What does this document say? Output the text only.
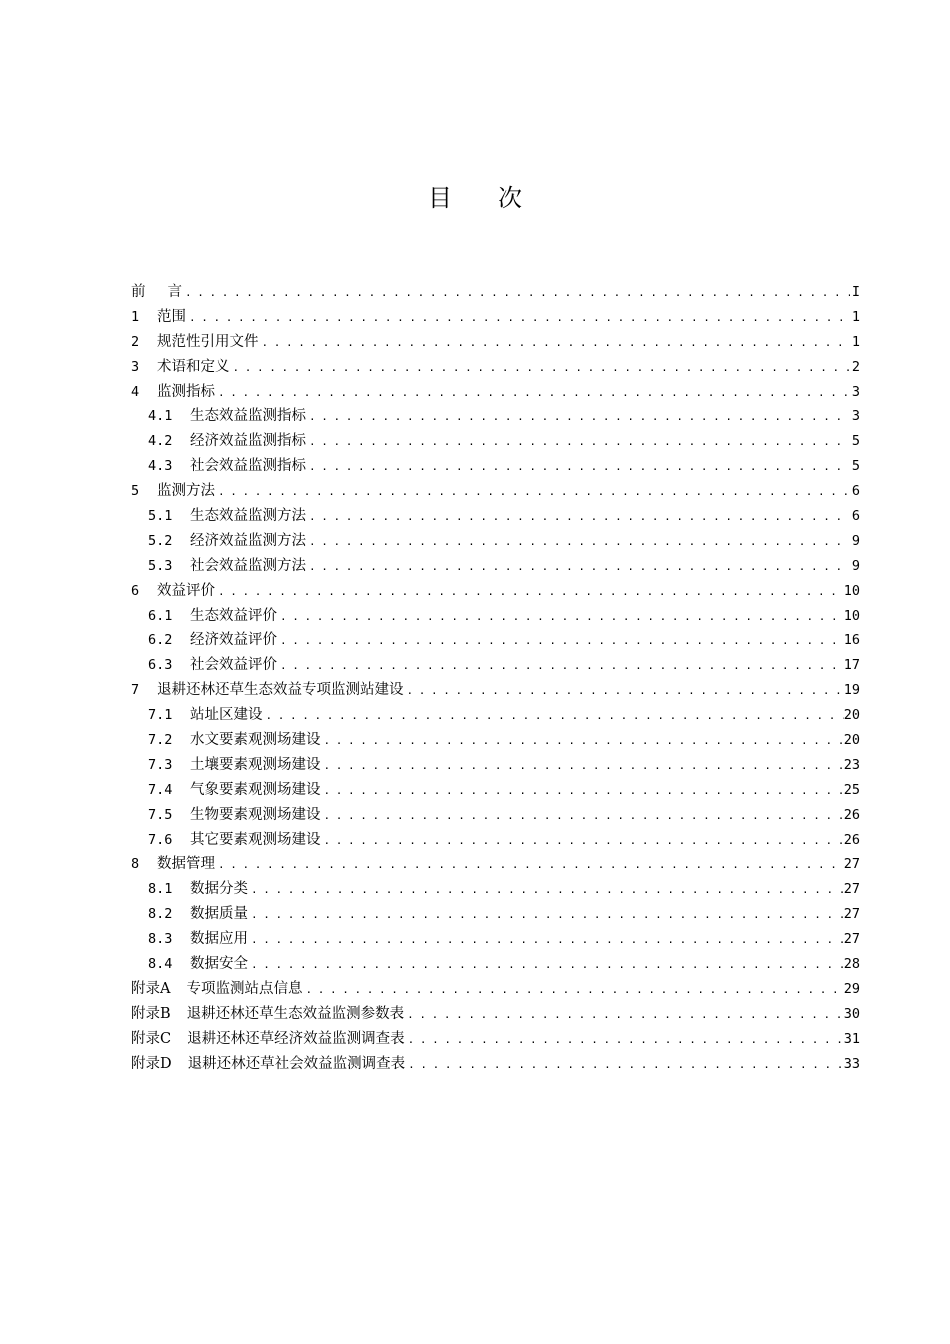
目 次
前 言 . . .	I
1	范围 . . .	1
2	规范性引用文件 . . .	1
3	术语和定义 . . .	2
4	监测指标 . . .	3
4.1	生态效益监测指标 . . .	3
4.2	经济效益监测指标 . . .	5
4.3	社会效益监测指标 . . .	5
5	监测方法 . . .	6
5.1	生态效益监测方法 . . .	6
5.2	经济效益监测方法 . . .	9
5.3	社会效益监测方法 . . .	9
6	效益评价 . . .	10
6.1	生态效益评价 . . .	10
6.2	经济效益评价 . . .	16
6.3	社会效益评价 . . .	17
7	退耕还林还草生态效益专项监测站建设 . . .	19
7.1	站址区建设 . . .	20
7.2	水文要素观测场建设 . . .	20
7.3	土壤要素观测场建设 . . .	23
7.4	气象要素观测场建设 . . .	25
7.5	生物要素观测场建设 . . .	26
7.6	其它要素观测场建设 . . .	26
8	数据管理 . . .	27
8.1	数据分类 . . .	27
8.2	数据质量 . . .	27
8.3	数据应用 . . .	27
8.4	数据安全 . . .	28
附录A	专项监测站点信息 . . .	29
附录B	退耕还林还草生态效益监测参数表 . . .	30
附录C	退耕还林还草经济效益监测调查表 . . .	31
附录D	退耕还林还草社会效益监测调查表 . . .	33
